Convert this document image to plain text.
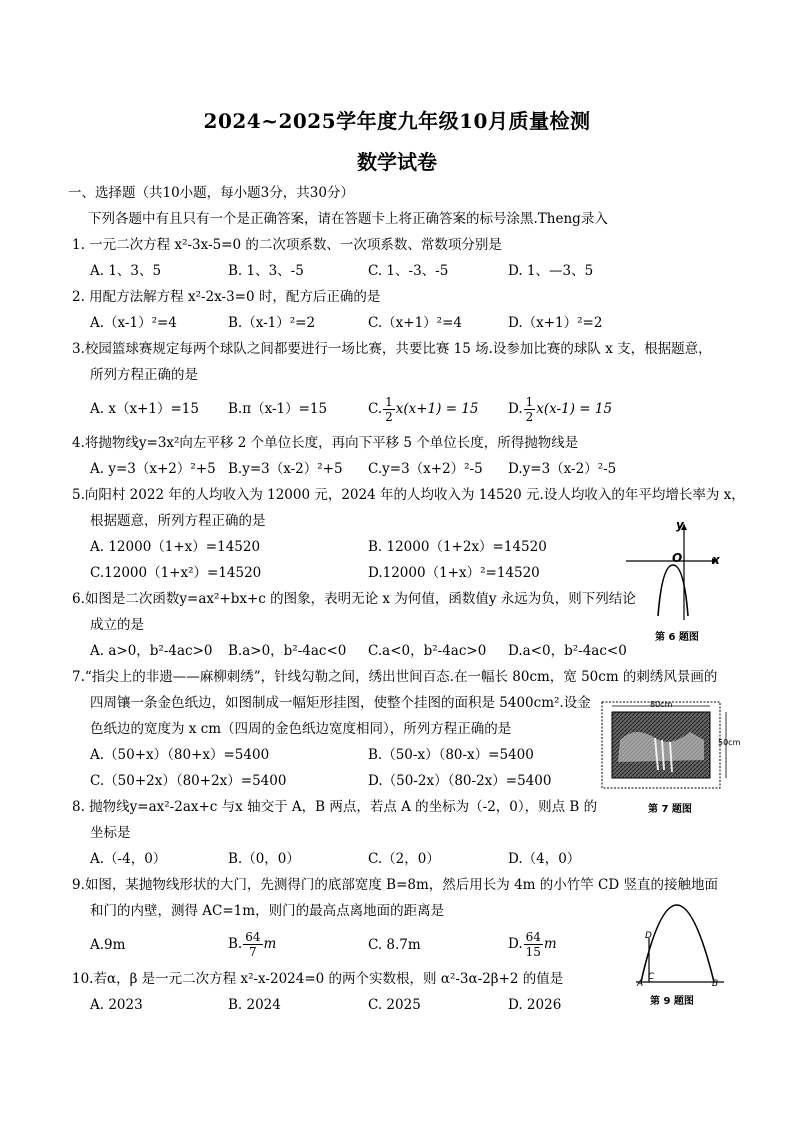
2024~2025学年度九年级10月质量检测
数学试卷
一、选择题（共10小题，每小题3分，共30分）
下列各题中有且只有一个是正确答案，请在答题卡上将正确答案的标号涂黑.Theng录入
1. 一元二次方程 x²-3x-5=0 的二次项系数、一次项系数、常数项分别是
A. 1、3、5	B. 1、3、-5	C. 1、-3、-5	D. 1、—3、5
2. 用配方法解方程 x²-2x-3=0 时，配方后正确的是
A.（x-1）²=4	B.（x-1）²=2	C.（x+1）²=4	D.（x+1）²=2
3.校园篮球赛规定每两个球队之间都要进行一场比赛，共要比赛 15 场.设参加比赛的球队 x 支，根据题意，
所列方程正确的是
A. x（x+1）=15 B.π（x-1）=15	C. $\frac{1}{2} x(x+1) = 15$ D. $\frac{1}{2} x(x-1) = 15$
4.将抛物线y=3x²向左平移 2 个单位长度，再向下平移 5 个单位长度，所得抛物线是
A. y=3（x+2）²+5 B.y=3（x-2）²+5 C.y=3（x+2）²-5 D.y=3（x-2）²-5
5.向阳村 2022 年的人均收入为 12000 元，2024 年的人均收入为 14520 元.设人均收入的年平均增长率为 x，
根据题意，所列方程正确的是
A. 12000（1+x）=14520	B. 12000（1+2x）=14520
C.12000（1+x²）=14520	D.12000（1+x）²=14520
6.如图是二次函数y=ax²+bx+c 的图象，表明无论 x 为何值，函数值y 永远为负，则下列结论
成立的是
A. a>0，b²-4ac>0 B.a>0，b²-4ac<0 C.a<0，b²-4ac>0 D.a<0，b²-4ac<0
y
x
O
第 6 题图
7.“指尖上的非遗——麻柳刺绣”，针线勾勒之间，绣出世间百态.在一幅长 80cm，宽 50cm 的刺绣风景画的
四周镶一条金色纸边，如图制成一幅矩形挂图，使整个挂图的面积是 5400cm².设金
色纸边的宽度为 x cm（四周的金色纸边宽度相同），所列方程正确的是
A.（50+x）（80+x）=5400	B.（50-x）（80-x）=5400
C.（50+2x）（80+2x）=5400	D.（50-2x）（80-2x）=5400
80cm
50cm
第 7 题图
8. 抛物线y=ax²-2ax+c 与x 轴交于 A，B 两点，若点 A 的坐标为（-2，0），则点 B 的
坐标是
A.（-4，0）	B.（0，0）	C.（2，0）	D.（4，0）
9.如图，某抛物线形状的大门，先测得门的底部宽度 B=8m，然后用长为 4m 的小竹竿 CD 竖直的接触地面
和门的内壁，测得 AC=1m，则门的最高点离地面的距离是
A.9m	B. $\frac{64}{7}$ m	C. 8.7m	D. $\frac{64}{15}$ m	D
A
C
B
第 9 题图
10.若α，β 是一元二次方程 x²-x-2024=0 的两个实数根，则 α²-3α-2β+2 的值是
A. 2023	B. 2024	C. 2025	D. 2026
